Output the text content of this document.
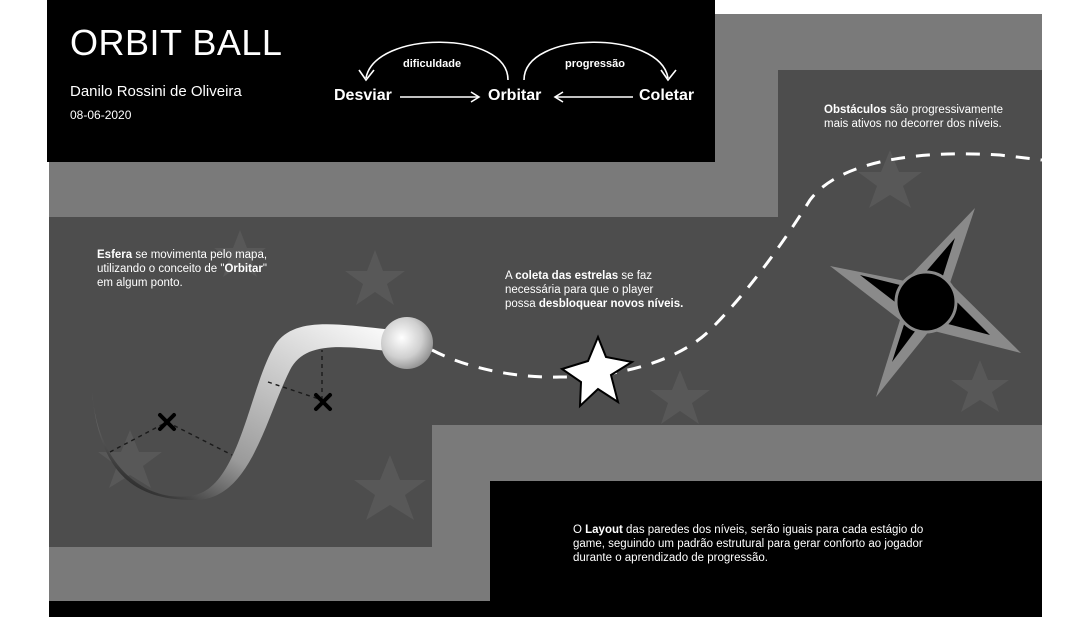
ORBIT BALL
Danilo Rossini de Oliveira
08-06-2020
Desviar	Orbitar	Coletar
dificuldade	progressão
Esfera se movimenta pelo mapa,
utilizando o conceito de "Orbitar"
em algum ponto.
A coleta das estrelas se faz
necessária para que o player
possa desbloquear novos níveis.
Obstáculos são progressivamente
mais ativos no decorrer dos níveis.
O Layout das paredes dos níveis, serão iguais para cada estágio do
game, seguindo um padrão estrutural para gerar conforto ao jogador
durante o aprendizado de progressão.
